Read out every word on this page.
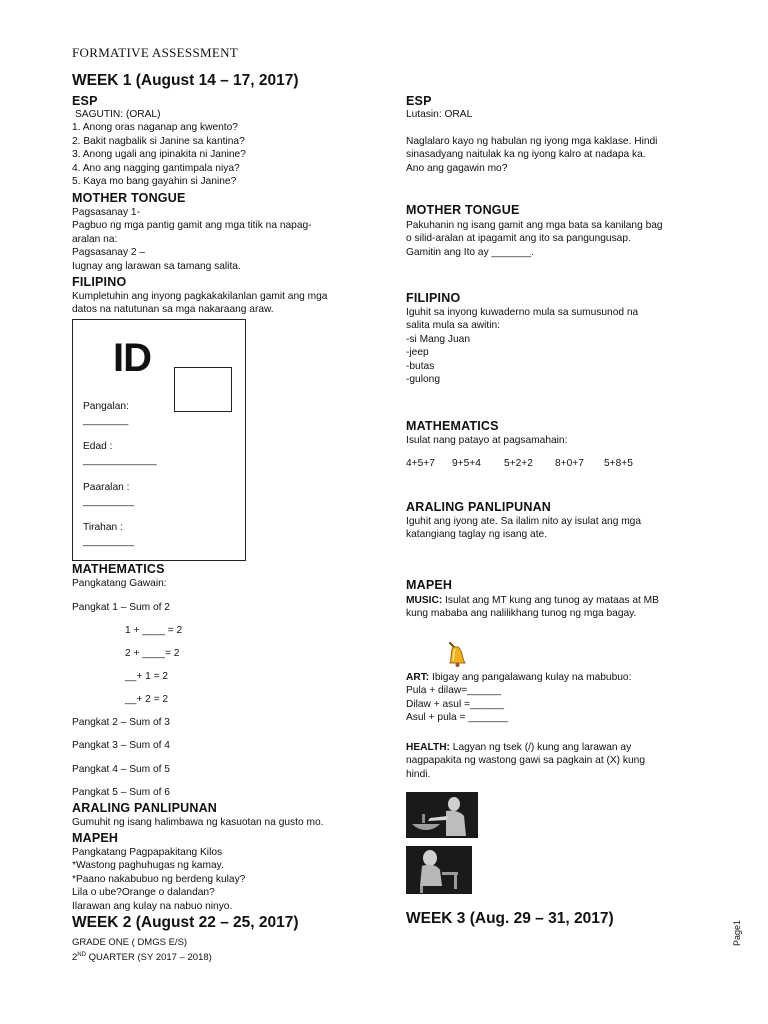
FORMATIVE ASSESSMENT
WEEK 1 (August 14 – 17, 2017)
ESP
SAGUTIN: (ORAL)
1. Anong oras naganap ang kwento?
2. Bakit nagbalik si Janine sa kantina?
3. Anong ugali ang ipinakita ni Janine?
4. Ano ang nagging gantimpala niya?
5. Kaya mo bang gayahin si Janine?
MOTHER TONGUE
Pagsasanay 1-
Pagbuo ng mga pantig gamit ang mga titik na napag-
aralan na:
Pagsasanay 2 –
Iugnay ang larawan sa tamang salita.
FILIPINO
Kumpletuhin ang inyong pagkakakilanlan gamit ang mga
datos na natutunan sa mga nakaraang araw.
ID
Pangalan:
________
Edad :
_____________
Paaralan :
_________
Tirahan :
_________
MATHEMATICS
Pangkatang Gawain:
Pangkat 1 – Sum of 2
1 + ____ = 2
2 + ____= 2
__+ 1 = 2
__+ 2 = 2
Pangkat 2 – Sum of 3
Pangkat 3 – Sum of 4
Pangkat 4 – Sum of 5
Pangkat 5 – Sum of 6
ARALING PANLIPUNAN
Gumuhit ng isang halimbawa ng kasuotan na gusto mo.
MAPEH
Pangkatang Pagpapakitang Kilos
*Wastong paghuhugas ng kamay.
*Paano nakabubuo ng berdeng kulay?
Lila o ube?Orange o dalandan?
Ilarawan ang kulay na nabuo ninyo.
WEEK 2 (August 22 – 25, 2017)
GRADE ONE ( DMGS E/S)
2ND QUARTER (SY 2017 – 2018)
ESP
Lutasin: ORAL
Naglalaro kayo ng habulan ng iyong mga kaklase. Hindi
sinasadyang naitulak ka ng iyong kalro at nadapa ka.
Ano ang gagawin mo?
MOTHER TONGUE
Pakuhanin ng isang gamit ang mga bata sa kanilang bag
o silid-aralan at ipagamit ang ito sa pangungusap.
Gamitin ang Ito ay _______.
FILIPINO
Iguhit sa inyong kuwaderno mula sa sumusunod na
salita mula sa awitin:
-si Mang Juan
-jeep
-butas
-gulong
MATHEMATICS
Isulat nang patayo at pagsamahain:
4+5+7 9+5+4 5+2+2 8+0+7 5+8+5
ARALING PANLIPUNAN
Iguhit ang iyong ate. Sa ilalim nito ay isulat ang mga
katangiang taglay ng isang ate.
MAPEH
MUSIC: Isulat ang MT kung ang tunog ay mataas at MB
kung mababa ang nalilikhang tunog ng mga bagay.
ART: Ibigay ang pangalawang kulay na mabubuo:
Pula + dilaw=______
Dilaw + asul =______
Asul + pula = _______
HEALTH: Lagyan ng tsek (/) kung ang larawan ay
nagpapakita ng wastong gawi sa pagkain at (X) kung
hindi.
WEEK 3 (Aug. 29 – 31, 2017)
Page1
